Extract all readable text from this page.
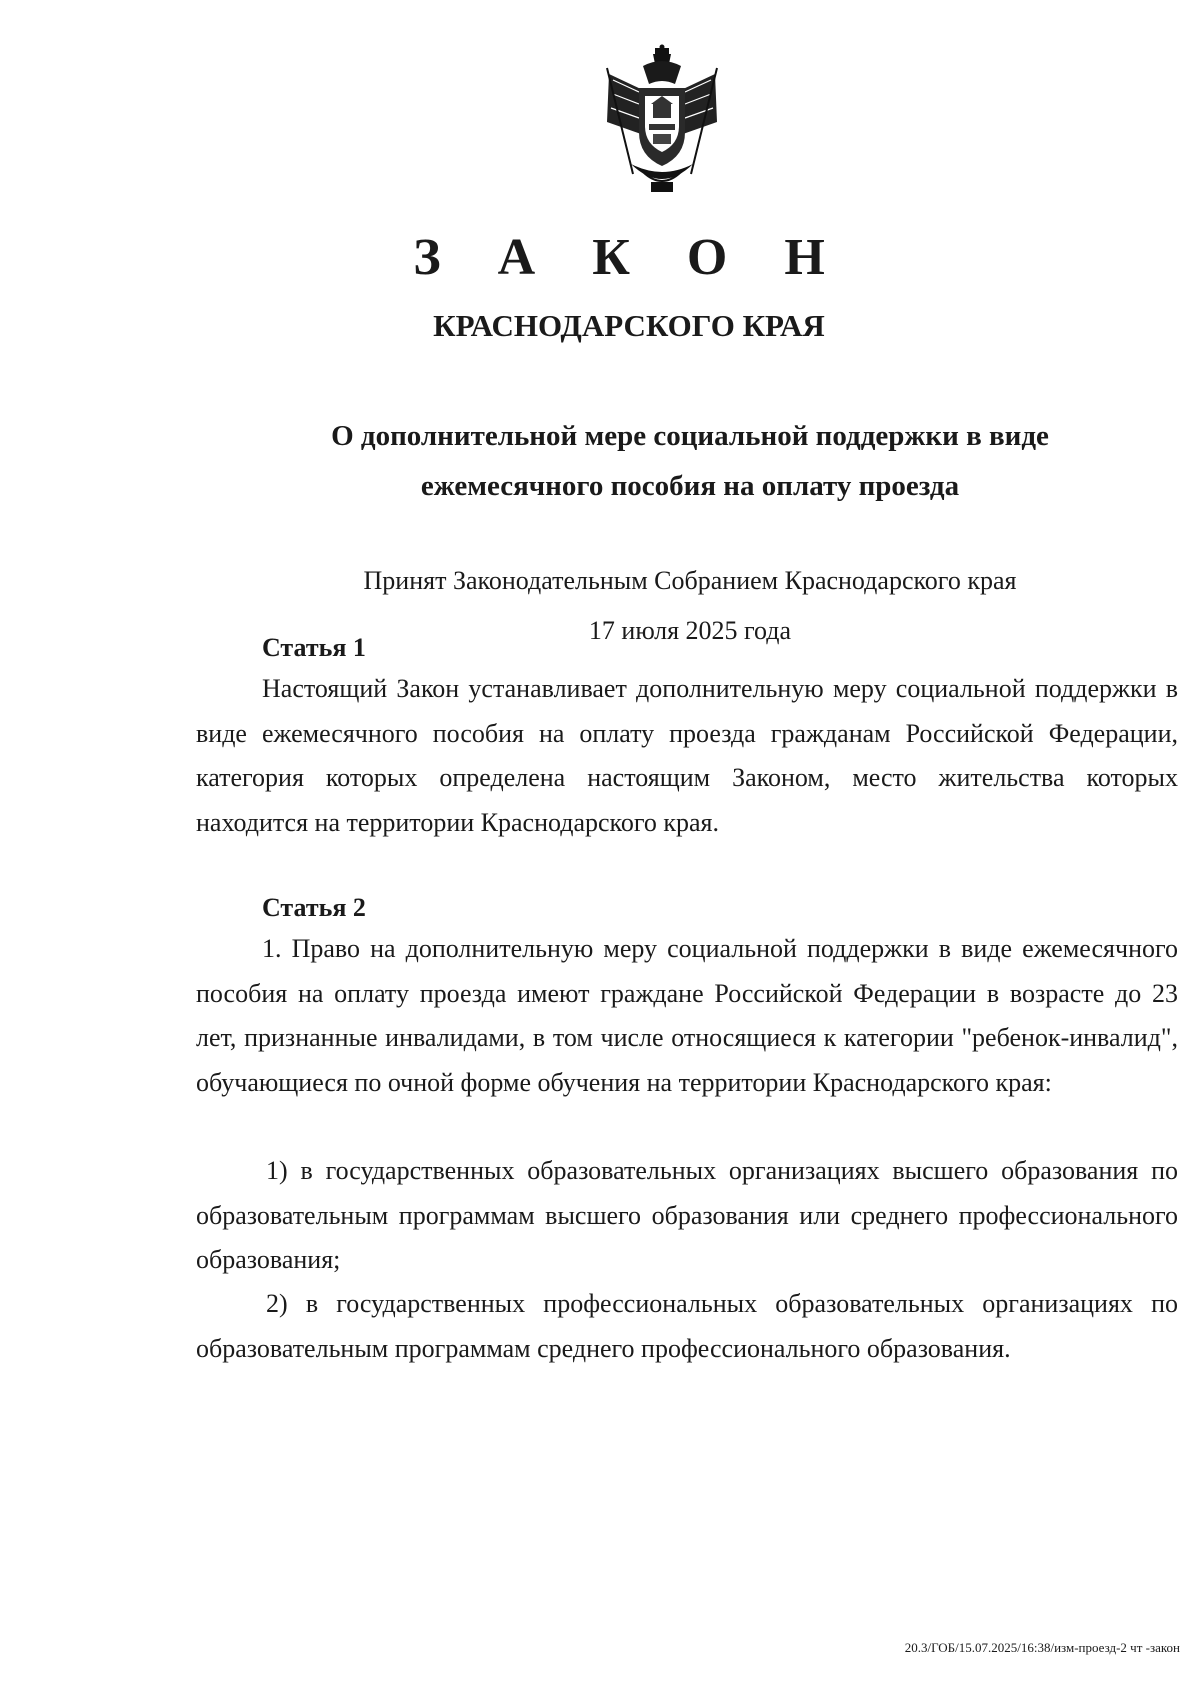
З А К О Н
КРАСНОДАРСКОГО КРАЯ
О дополнительной мере социальной поддержки в виде
ежемесячного пособия на оплату проезда
Принят Законодательным Собранием Краснодарского края
17 июля 2025 года
Статья 1

Настоящий Закон устанавливает дополнительную меру социальной поддержки в виде ежемесячного пособия на оплату проезда гражданам Российской Федерации, категория которых определена настоящим Законом, место жительства которых находится на территории Краснодарского края.

Статья 2

1. Право на дополнительную меру социальной поддержки в виде ежемесячного пособия на оплату проезда имеют граждане Российской Федерации в возрасте до 23 лет, признанные инвалидами, в том числе относящиеся к категории "ребенок-инвалид", обучающиеся по очной форме обучения на территории Краснодарского края:

1) в государственных образовательных организациях высшего образования по образовательным программам высшего образования или среднего профессионального образования;

2) в государственных профессиональных образовательных организациях по образовательным программам среднего профессионального образования.

20.3/ГОБ/15.07.2025/16:38/изм-проезд-2 чт -закон
